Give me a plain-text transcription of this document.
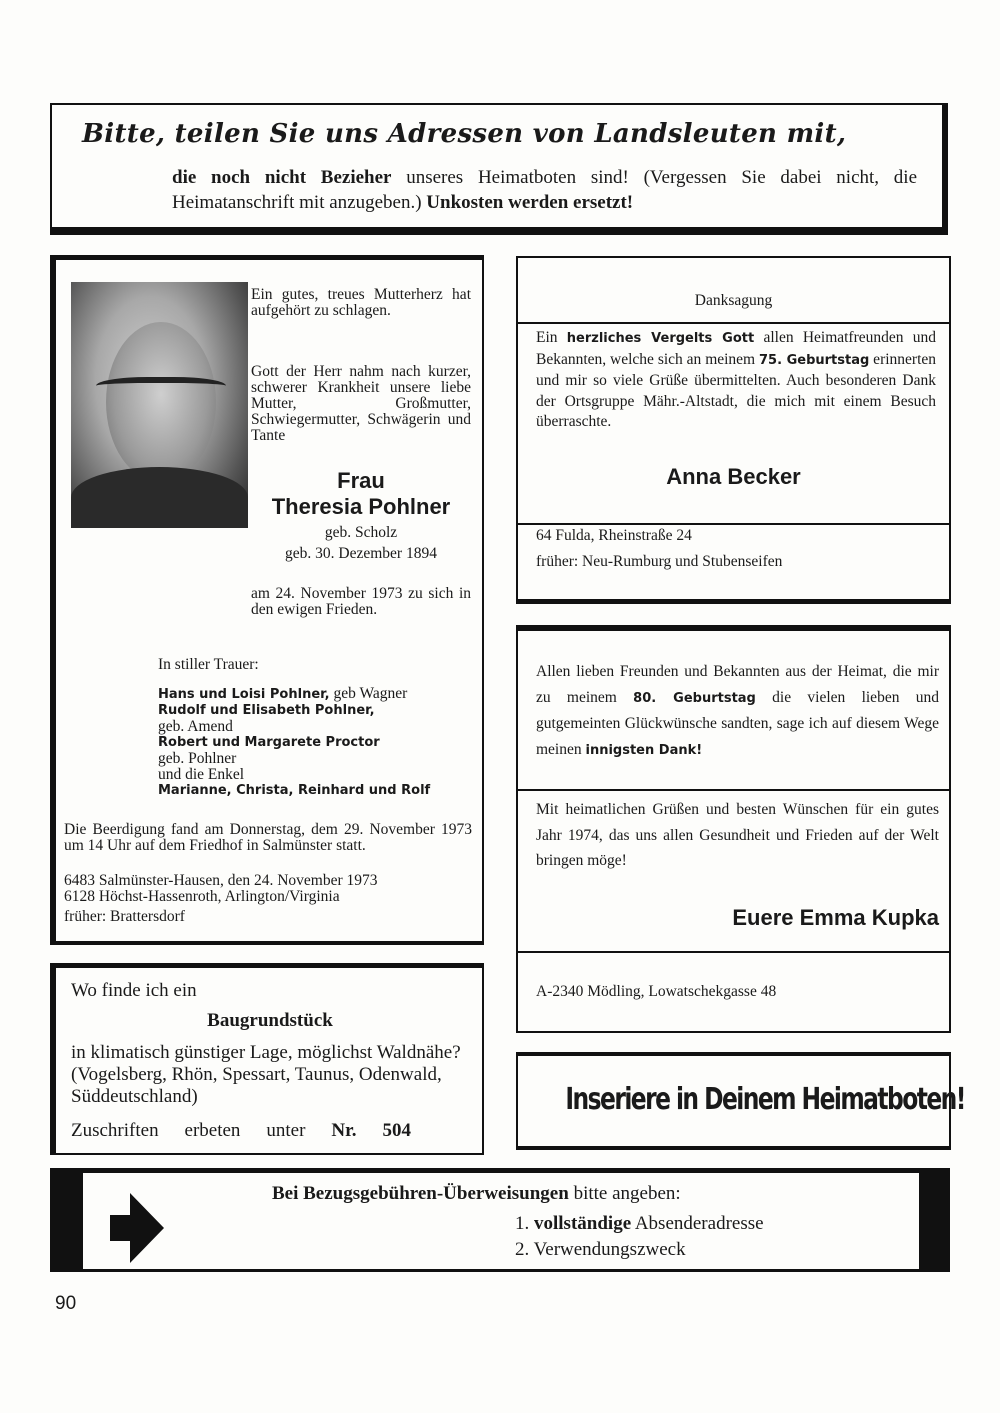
Bitte, teilen Sie uns Adressen von Landsleuten mit,
die noch nicht Bezieher unseres Heimatboten sind! (Vergessen Sie dabei nicht, die Heimatanschrift mit anzugeben.) Unkosten werden ersetzt!
Ein gutes, treues Mutterherz hat aufgehört zu schlagen.
Gott der Herr nahm nach kurzer, schwerer Krankheit unsere liebe Mutter, Großmutter, Schwiegermutter, Schwägerin und Tante
Frau
Theresia Pohlner
geb. Scholz
geb. 30. Dezember 1894
am 24. November 1973 zu sich in den ewigen Frieden.
In stiller Trauer:
Hans und Loisi Pohlner, geb Wagner
Rudolf und Elisabeth Pohlner,
geb. Amend
Robert und Margarete Proctor
geb. Pohlner
und die Enkel
Marianne, Christa, Reinhard und Rolf
Die Beerdigung fand am Donnerstag, dem 29. November 1973 um 14 Uhr auf dem Friedhof in Salmünster statt.
6483 Salmünster-Hausen, den 24. November 1973
6128 Höchst-Hassenroth, Arlington/Virginia
früher: Brattersdorf
Danksagung
Ein herzliches Vergelts Gott allen Heimatfreunden und Bekannten, welche sich an meinem 75. Geburtstag erinnerten und mir so viele Grüße übermittelten. Auch besonderen Dank der Ortsgruppe Mähr.-Altstadt, die mich mit einem Besuch überraschte.
Anna Becker
64 Fulda, Rheinstraße 24
früher: Neu-Rumburg und Stubenseifen
Allen lieben Freunden und Bekannten aus der Heimat, die mir zu meinem 80. Geburtstag die vielen lieben und gutgemeinten Glückwünsche sandten, sage ich auf diesem Wege meinen innigsten Dank!
Mit heimatlichen Grüßen und besten Wünschen für ein gutes Jahr 1974, das uns allen Gesundheit und Frieden auf der Welt bringen möge!
Euere Emma Kupka
A-2340 Mödling, Lowatschekgasse 48
Wo finde ich ein
Baugrundstück
in klimatisch günstiger Lage, möglichst Waldnähe? (Vogelsberg, Rhön, Spessart, Taunus, Odenwald, Süddeutschland)
Zuschriften erbeten unter Nr. 504
Inseriere in Deinem Heimatboten!
Bei Bezugsgebühren-Überweisungen bitte angeben:
1. vollständige Absenderadresse
2. Verwendungszweck
90
